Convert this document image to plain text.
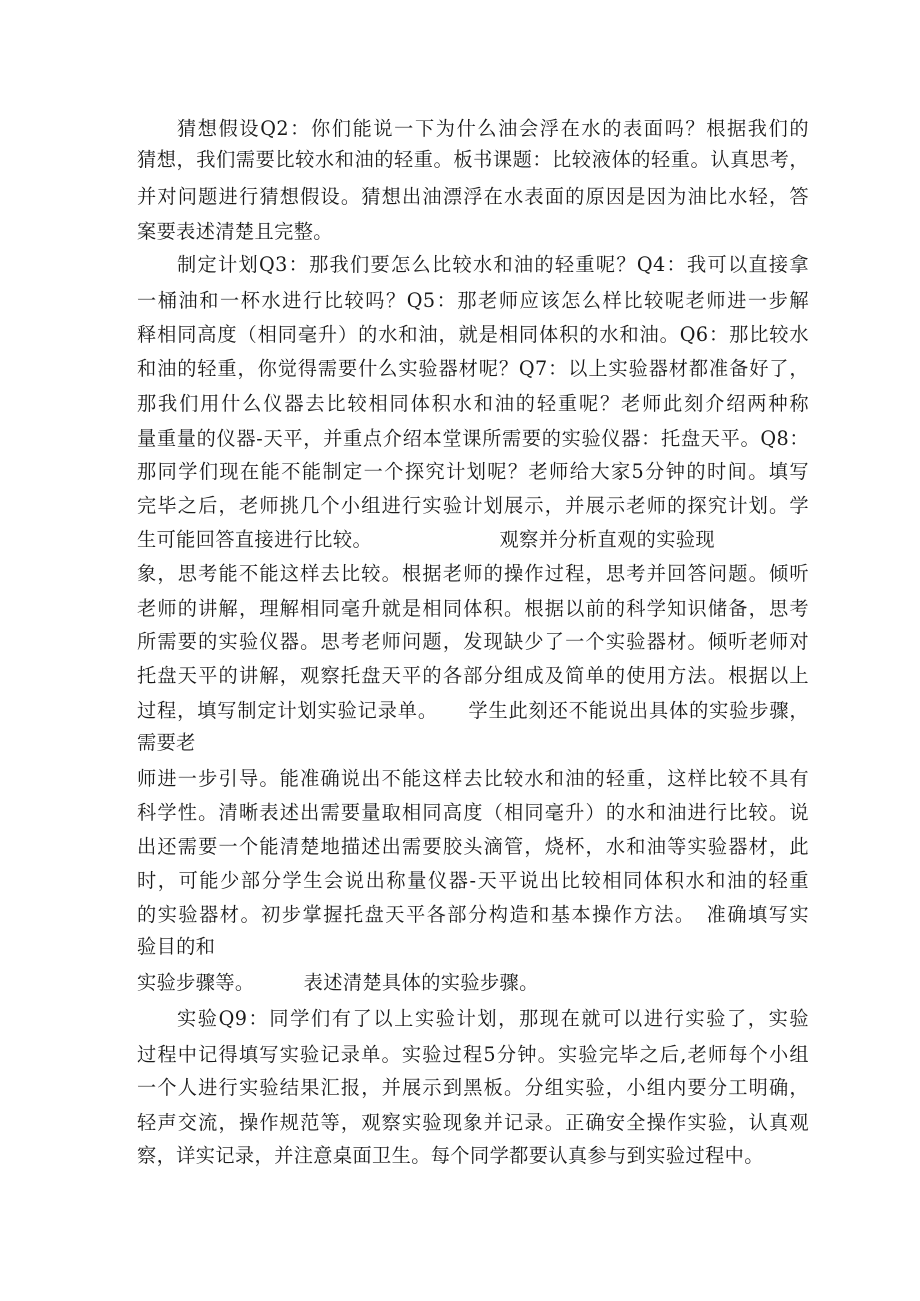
猜想假设Q2：你们能说一下为什么油会浮在水的表面吗？根据我们的
猜想，我们需要比较水和油的轻重。板书课题：比较液体的轻重。认真思考，
并对问题进行猜想假设。猜想出油漂浮在水表面的原因是因为油比水轻，答
案要表述清楚且完整。
制定计划Q3：那我们要怎么比较水和油的轻重呢？Q4：我可以直接拿
一桶油和一杯水进行比较吗？Q5：那老师应该怎么样比较呢老师进一步解
释相同高度（相同毫升）的水和油，就是相同体积的水和油。Q6：那比较水
和油的轻重，你觉得需要什么实验器材呢？Q7：以上实验器材都准备好了，
那我们用什么仪器去比较相同体积水和油的轻重呢？老师此刻介绍两种称
量重量的仪器-天平，并重点介绍本堂课所需要的实验仪器：托盘天平。Q8：
那同学们现在能不能制定一个探究计划呢？老师给大家5分钟的时间。填写
完毕之后，老师挑几个小组进行实验计划展示，并展示老师的探究计划。学
生可能回答直接进行比较。　　　　　　　观察并分析直观的实验现
象，思考能不能这样去比较。根据老师的操作过程，思考并回答问题。倾听
老师的讲解，理解相同毫升就是相同体积。根据以前的科学知识储备，思考
所需要的实验仪器。思考老师问题，发现缺少了一个实验器材。倾听老师对
托盘天平的讲解，观察托盘天平的各部分组成及简单的使用方法。根据以上
过程，填写制定计划实验记录单。　　学生此刻还不能说出具体的实验步骤，
需要老
师进一步引导。能准确说出不能这样去比较水和油的轻重，这样比较不具有
科学性。清晰表述出需要量取相同高度（相同毫升）的水和油进行比较。说
出还需要一个能清楚地描述出需要胶头滴管，烧杯，水和油等实验器材，此
时，可能少部分学生会说出称量仪器-天平说出比较相同体积水和油的轻重
的实验器材。初步掌握托盘天平各部分构造和基本操作方法。　准确填写实
验目的和
实验步骤等。　　　表述清楚具体的实验步骤。
实验Q9：同学们有了以上实验计划，那现在就可以进行实验了，实验
过程中记得填写实验记录单。实验过程5分钟。实验完毕之后,老师每个小组
一个人进行实验结果汇报，并展示到黑板。分组实验，小组内要分工明确，
轻声交流，操作规范等，观察实验现象并记录。正确安全操作实验，认真观
察，详实记录，并注意桌面卫生。每个同学都要认真参与到实验过程中。
